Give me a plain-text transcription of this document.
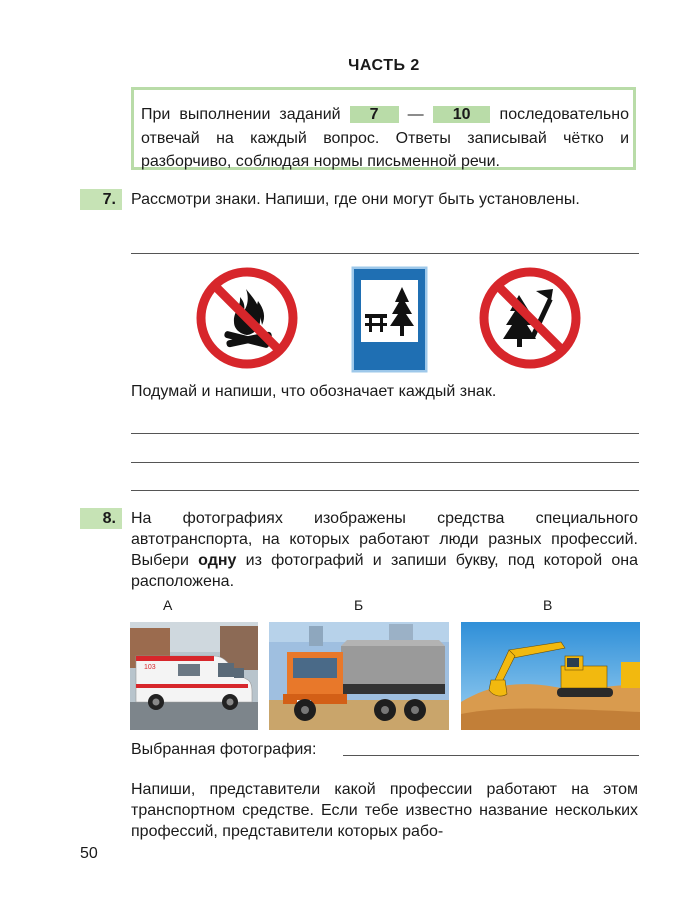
ЧАСТЬ 2
При выполнении заданий 7 — 10 последовательно отвечай на каждый вопрос. Ответы записывай чётко и разборчиво, соблюдая нормы письменной речи.
7. Рассмотри знаки. Напиши, где они могут быть установлены.
Подумай и напиши, что обозначает каждый знак.
8. На фотографиях изображены средства специального автотранспорта, на которых работают люди разных профессий. Выбери одну из фотографий и запиши букву, под которой она расположена.
А	Б	В
103
Выбранная фотография:
Напиши, представители какой профессии работают на этом транспортном средстве. Если тебе известно название нескольких профессий, представители которых рабо-
50
